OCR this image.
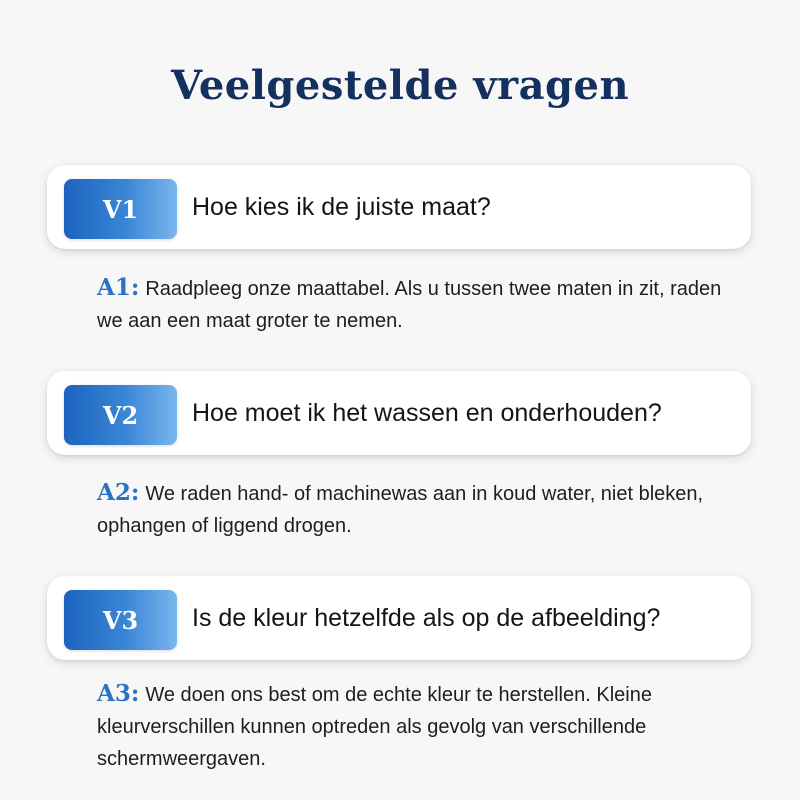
Veelgestelde vragen
V1	Hoe kies ik de juiste maat?
A1: Raadpleeg onze maattabel. Als u tussen twee maten in zit, raden we aan een maat groter te nemen.
V2	Hoe moet ik het wassen en onderhouden?
A2: We raden hand- of machinewas aan in koud water, niet bleken, ophangen of liggend drogen.
V3	Is de kleur hetzelfde als op de afbeelding?
A3: We doen ons best om de echte kleur te herstellen. Kleine kleurverschillen kunnen optreden als gevolg van verschillende schermweergaven.
